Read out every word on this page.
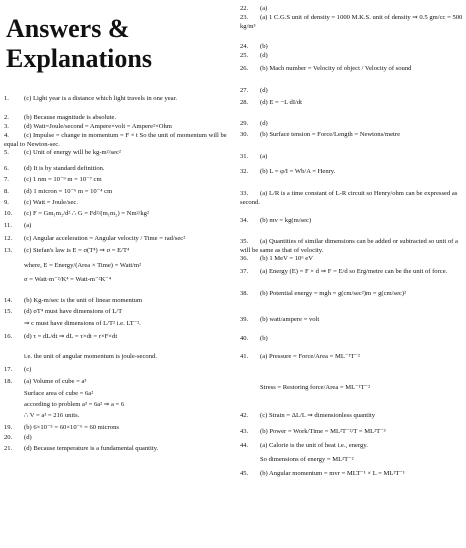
Answers &
Explanations
1. (c) Light year is a distance which light travels in one year.
2. (b) Because magnitude is absolute.
3. (d) Watt=Joule/second = Ampere×volt = Ampere²×Ohm
4. (c) Impulse = change in momentum = F × t So the unit of momentum will be equal to Newton-sec.
5. (c) Unit of energy will be kg-m²/sec²
6. (d) It is by standard definition.
7. (c) 1 nm = 10⁻⁹ m = 10⁻⁷ cm
8. (d) 1 micron = 10⁻⁶ m = 10⁻⁴ cm
9. (c) Watt = Joule/sec.
10. (c) F = Gm₁m₂/d² ∴ G = Fd²/(m₁m₂) = Nm²/kg²
11. (a)
12. (c) Angular acceleration = Angular velocity / Time = rad/sec²
13. (c) Stefan's law is E = σ(T⁴) ⇒ σ = E/T⁴
where, E = Energy/(Area × Time) = Watt/m²
σ = Watt·m⁻²/K⁴ = Watt-m⁻²K⁻⁴
14. (b) Kg-m/sec is the unit of linear momentum
15. (d) σT⁴ must have dimensions of L/T
⇒ c must have dimensions of L/T² i.e. LT⁻².
16. (d) τ = dL/dt ⇒ dL = τ×dt = r×F×dt
i.e. the unit of angular momentum is joule-second.
17. (c)
18. (a) Volume of cube = a³
Surface area of cube = 6a²
according to problem a³ = 6a² ⇒ a = 6
∴ V = a³ = 216 units.
19. (b) 6×10⁻⁵ = 60×10⁻⁶ = 60 microns
20. (d)
21. (d) Because temperature is a fundamental quantity.
22. (a)
23. (a) 1 C.G.S unit of density = 1000 M.K.S. unit of density ⇒ 0.5 gm/cc = 500 kg/m³
24. (b)
25. (d)
26. (b) Mach number = Velocity of object / Velocity of sound
27. (d)
28. (d) E = −L dI/dt
29. (d)
30. (b) Surface tension = Force/Length = Newtons/metre
31. (a)
32. (b) L = φ/I = Wb/A = Henry.
33. (a) L/R is a time constant of L-R circuit so Henry/ohm can be expressed as second.
34. (b) mv = kg(m/sec)
35. (a) Quantities of similar dimensions can be added or subtracted so unit of a will be same as that of velocity.
36. (b) 1 MeV = 10⁶ eV
37. (a) Energy (E) = F × d ⇒ F = E/d so Erg/metre can be the unit of force.
38. (b) Potential energy = mgh = g(cm/sec²)m = g(cm/sec)²
39. (b) watt/ampere = volt
40. (b)
41. (a) Pressure = Force/Area = ML⁻¹T⁻²
Stress = Restoring force/Area = ML⁻¹T⁻²
42. (c) Strain = ΔL/L ⇒ dimensionless quantity
43. (b) Power = Work/Time = ML²T⁻²/T = ML²T⁻³
44. (a) Calorie is the unit of heat i.e., energy.
So dimensions of energy = ML²T⁻²
45. (b) Angular momentum = mvr = MLT⁻¹ × L = ML²T⁻¹
